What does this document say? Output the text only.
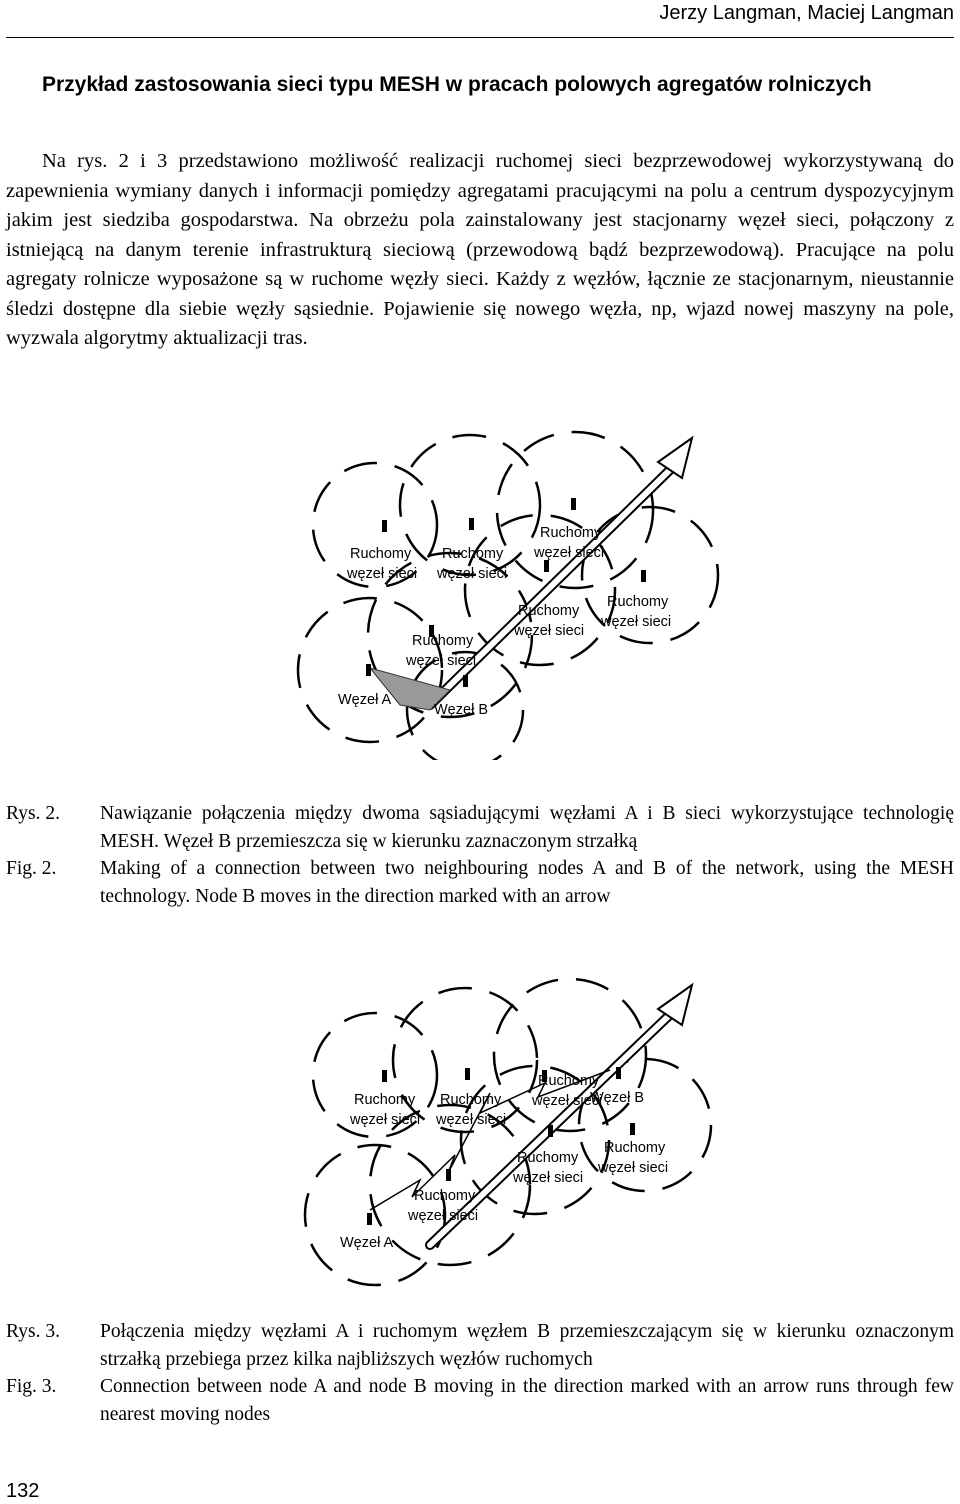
Jerzy Langman, Maciej Langman
Przykład zastosowania sieci typu MESH w pracach polowych agregatów rolniczych
Na rys. 2 i 3 przedstawiono możliwość realizacji ruchomej sieci bezprzewodowej wykorzystywaną do zapewnienia wymiany danych i informacji pomiędzy agregatami pracującymi na polu a centrum dyspozycyjnym jakim jest siedziba gospodarstwa. Na obrzeżu pola zainstalowany jest stacjonarny węzeł sieci, połączony z istniejącą na danym terenie infrastrukturą sieciową (przewodową bądź bezprzewodową). Pracujące na polu agregaty rolnicze wyposażone są w ruchome węzły sieci. Każdy z węzłów, łącznie ze stacjonarnym, nieustannie śledzi dostępne dla siebie węzły sąsiednie. Pojawienie się nowego węzła, np, wjazd nowej maszyny na pole, wyzwala algorytmy aktualizacji tras.
Ruchomy
węzeł sieci
Ruchomy
węzeł sieci
Ruchomy
węzeł sieci
Ruchomy
węzeł sieci
Ruchomy
węzeł sieci
Ruchomy
węzeł sieci
Węzeł A
Węzeł B
Rys. 2.	Nawiązanie połączenia między dwoma sąsiadującymi węzłami A i B sieci wykorzystujące technologię MESH. Węzeł B przemieszcza się w kierunku zaznaczonym strzałką
Fig. 2.	Making of a connection between two neighbouring nodes A and B of the network, using the MESH technology. Node B moves in the direction marked with an arrow
Ruchomy
węzeł sieci
Ruchomy
węzeł sieci
Ruchomy
węzeł sieci
Węzeł B
Ruchomy
węzeł sieci
Ruchomy
węzeł sieci
Ruchomy
węzeł sieci
Węzeł A
Rys. 3.	Połączenia między węzłami A i ruchomym węzłem B przemieszczającym się w kierunku oznaczonym strzałką przebiega przez kilka najbliższych węzłów ruchomych
Fig. 3.	Connection between node A and node B moving in the direction marked with an arrow runs through few nearest moving nodes
132
